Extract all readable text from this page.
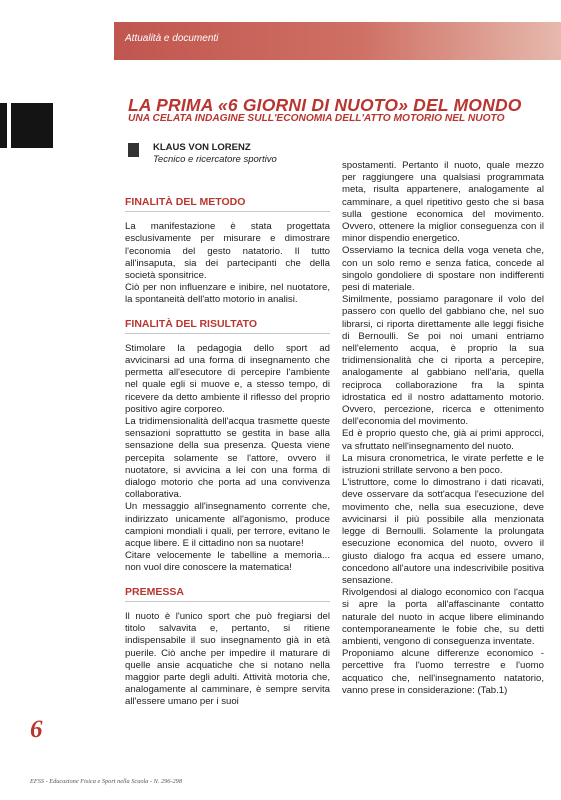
Attualità e documenti
LA PRIMA «6 GIORNI DI NUOTO» DEL MONDO
UNA CELATA INDAGINE SULL'ECONOMIA DELL'ATTO MOTORIO NEL NUOTO
KLAUS VON LORENZ
Tecnico e ricercatore sportivo

FINALITÀ DEL METODO

La manifestazione è stata progettata esclusivamente per misurare e dimostrare l'economia del gesto natatorio. Il tutto all'insaputa, sia dei partecipanti che della società sponsitrice.

Ciò per non influenzare e inibire, nel nuotatore, la spontaneità dell'atto motorio in analisi.

FINALITÀ DEL RISULTATO

Stimolare la pedagogia dello sport ad avvicinarsi ad una forma di insegnamento che permetta all'esecutore di percepire l'ambiente nel quale egli si muove e, a stesso tempo, di ricevere da detto ambiente il riflesso del proprio positivo agire corporeo.

La tridimensionalità dell'acqua trasmette queste sensazioni soprattutto se gestita in base alla sensazione della sua presenza. Questa viene percepita solamente se l'attore, ovvero il nuotatore, si avvicina a lei con una forma di dialogo motorio che porta ad una convivenza collaborativa.

Un messaggio all'insegnamento corrente che, indirizzato unicamente all'agonismo, produce campioni mondiali i quali, per terrore, evitano le acque libere. E il cittadino non sa nuotare!

Citare velocemente le tabelline a memoria... non vuol dire conoscere la matematica!

PREMESSA

Il nuoto è l'unico sport che può fregiarsi del titolo salvavita e, pertanto, si ritiene indispensabile il suo insegnamento già in età puerile. Ciò anche per impedire il maturare di quelle ansie acquatiche che si notano nella maggior parte degli adulti. Attività motoria che, analogamente al camminare, è sempre servita all'essere umano per i suoi

spostamenti. Pertanto il nuoto, quale mezzo per raggiungere una qualsiasi programmata meta, risulta appartenere, analogamente al camminare, a quel ripetitivo gesto che si basa sulla gestione economica del movimento. Ovvero, ottenere la miglior conseguenza con il minor dispendio energetico.

Osserviamo la tecnica della voga veneta che, con un solo remo e senza fatica, concede al singolo gondoliere di spostare non indifferenti pesi di materiale.

Similmente, possiamo paragonare il volo del passero con quello del gabbiano che, nel suo librarsi, ci riporta direttamente alle leggi fisiche di Bernoulli. Se poi noi umani entriamo nell'elemento acqua, è proprio la sua tridimensionalità che ci riporta a percepire, analogamente al gabbiano nell'aria, quella reciproca collaborazione fra la spinta idrostatica ed il nostro adattamento motorio. Ovvero, percezione, ricerca e ottenimento dell'economia del movimento.

Ed è proprio questo che, già ai primi approcci, va sfruttato nell'insegnamento del nuoto.

La misura cronometrica, le virate perfette e le istruzioni strillate servono a ben poco.

L'istruttore, come lo dimostrano i dati ricavati, deve osservare da sott'acqua l'esecuzione del movimento che, nella sua esecuzione, deve avvicinarsi il più possibile alla menzionata legge di Bernoulli. Solamente la prolungata esecuzione economica del nuoto, ovvero il giusto dialogo fra acqua ed essere umano, concedono all'autore una indescrivibile positiva sensazione.

Rivolgendosi al dialogo economico con l'acqua si apre la porta all'affascinante contatto naturale del nuoto in acque libere eliminando contemporaneamente le fobie che, su detti ambienti, vengono di conseguenza inventate.

Proponiamo alcune differenze economico - percettive fra l'uomo terrestre e l'uomo acquatico che, nell'insegnamento natatorio, vanno prese in considerazione: (Tab.1)

6
EFSS - Educazione Fisica e Sport nella Scuola - N. 296-298
